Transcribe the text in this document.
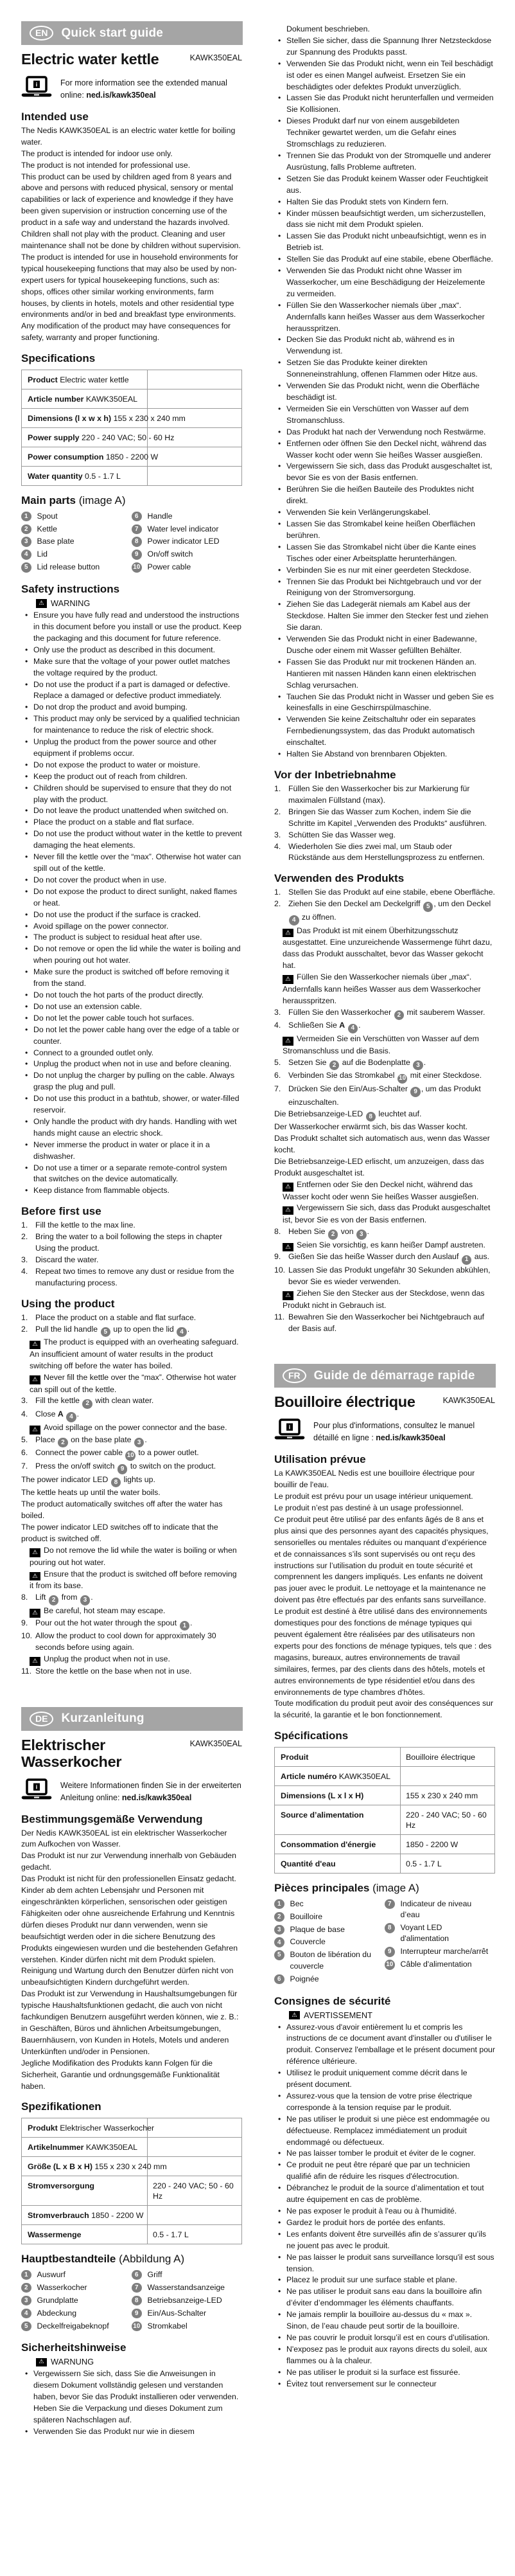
EN	Quick start guide
Electric water kettle	KAWK350EAL
i	For more information see the extended manual online: ned.is/kawk350eal
Intended use
The Nedis KAWK350EAL is an electric water kettle for boiling water.
The product is intended for indoor use only.
The product is not intended for professional use.
This product can be used by children aged from 8 years and above and persons with reduced physical, sensory or mental capabilities or lack of experience and knowledge if they have been given supervision or instruction concerning use of the product in a safe way and understand the hazards involved. Children shall not play with the product. Cleaning and user maintenance shall not be done by children without supervision.
The product is intended for use in household environments for typical housekeeping functions that may also be used by non-expert users for typical housekeeping functions, such as: shops, offices other similar working environments, farm houses, by clients in hotels, motels and other residential type environments and/or in bed and breakfast type environments.
Any modification of the product may have consequences for safety, warranty and proper functioning.
Specifications
Product Electric water kettle
Article number KAWK350EAL
Dimensions (l x w x h) 155 x 230 x 240 mm
Power supply 220 - 240 VAC; 50 - 60 Hz
Power consumption 1850 - 2200 W
Water quantity 0.5 - 1.7 L
Main parts (image A)
1	Spout
2	Kettle
3	Base plate
4	Lid
5	Lid release button
6	Handle
7	Water level indicator
8	Power indicator LED
9	On/off switch
10 Power cable
Safety instructions
⚠ WARNING
• Ensure you have fully read and understood the instructions in this document before you install or use the product. Keep the packaging and this document for future reference.
• Only use the product as described in this document.
• Make sure that the voltage of your power outlet matches the voltage required by the product.
• Do not use the product if a part is damaged or defective. Replace a damaged or defective product immediately.
• Do not drop the product and avoid bumping.
• This product may only be serviced by a qualified technician for maintenance to reduce the risk of electric shock.
• Unplug the product from the power source and other equipment if problems occur.
• Do not expose the product to water or moisture.
• Keep the product out of reach from children.
• Children should be supervised to ensure that they do not play with the product.
• Do not leave the product unattended when switched on.
• Place the product on a stable and flat surface.
• Do not use the product without water in the kettle to prevent damaging the heat elements.
• Never fill the kettle over the “max”. Otherwise hot water can spill out of the kettle.
• Do not cover the product when in use.
• Do not expose the product to direct sunlight, naked flames or heat.
• Do not use the product if the surface is cracked.
• Avoid spillage on the power connector.
• The product is subject to residual heat after use.
• Do not remove or open the lid while the water is boiling and when pouring out hot water.
• Make sure the product is switched off before removing it from the stand.
• Do not touch the hot parts of the product directly.
• Do not use an extension cable.
• Do not let the power cable touch hot surfaces.
• Do not let the power cable hang over the edge of a table or counter.
• Connect to a grounded outlet only.
• Unplug the product when not in use and before cleaning.
• Do not unplug the charger by pulling on the cable. Always grasp the plug and pull.
• Do not use this product in a bathtub, shower, or water-filled reservoir.
• Only handle the product with dry hands. Handling with wet hands might cause an electric shock.
• Never immerse the product in water or place it in a dishwasher.
• Do not use a timer or a separate remote-control system that switches on the device automatically.
• Keep distance from flammable objects.
Before first use
1. Fill the kettle to the max line.
2. Bring the water to a boil following the steps in chapter Using the product.
3. Discard the water.
4. Repeat two times to remove any dust or residue from the manufacturing process.
Using the product
1. Place the product on a stable and flat surface.
2. Pull the lid handle 5 up to open the lid 4 .
⚠ The product is equipped with an overheating safeguard. An insufficient amount of water results in the product switching off before the water has boiled.
⚠ Never fill the kettle over the “max”. Otherwise hot water can spill out of the kettle.
3. Fill the kettle 2 with clean water.
4. Close A 4 .
⚠ Avoid spillage on the power connector and the base.
5. Place 2 on the base plate 3 .
6. Connect the power cable 10 to a power outlet.
7. Press the on/off switch 9 to switch on the product.
The power indicator LED 8 lights up.
The kettle heats up until the water boils.
The product automatically switches off after the water has boiled.
The power indicator LED switches off to indicate that the product is switched off.
⚠ Do not remove the lid while the water is boiling or when pouring out hot water.
⚠ Ensure that the product is switched off before removing it from its base.
8. Lift 2 from 3 .
⚠ Be careful, hot steam may escape.
9. Pour out the hot water through the spout 1 .
10. Allow the product to cool down for approximately 30 seconds before using again.
⚠ Unplug the product when not in use.
11. Store the kettle on the base when not in use.
DE	Kurzanleitung
Elektrischer Wasserkocher
KAWK350EAL
i	Weitere Informationen finden Sie in der erweiterten Anleitung online: ned.is/kawk350eal
Bestimmungsgemäße Verwendung
Der Nedis KAWK350EAL ist ein elektrischer Wasserkocher zum Aufkochen von Wasser.
Das Produkt ist nur zur Verwendung innerhalb von Gebäuden gedacht.
Das Produkt ist nicht für den professionellen Einsatz gedacht.
Kinder ab dem achten Lebensjahr und Personen mit eingeschränkten körperlichen, sensorischen oder geistigen Fähigkeiten oder ohne ausreichende Erfahrung und Kenntnis dürfen dieses Produkt nur dann verwenden, wenn sie beaufsichtigt werden oder in die sichere Benutzung des Produkts eingewiesen wurden und die bestehenden Gefahren verstehen. Kinder dürfen nicht mit dem Produkt spielen. Reinigung und Wartung durch den Benutzer dürfen nicht von unbeaufsichtigten Kindern durchgeführt werden.
Das Produkt ist zur Verwendung in Haushaltsumgebungen für typische Haushaltsfunktionen gedacht, die auch von nicht fachkundigen Benutzern ausgeführt werden können, wie z. B.: in Geschäften, Büros und ähnlichen Arbeitsumgebungen, Bauernhäusern, von Kunden in Hotels, Motels und anderen Unterkünften und/oder in Pensionen.
Jegliche Modifikation des Produkts kann Folgen für die Sicherheit, Garantie und ordnungsgemäße Funktionalität haben.
Spezifikationen
Produkt Elektrischer Wasserkocher
Artikelnummer KAWK350EAL
Größe (L x B x H) 155 x 230 x 240 mm
Stromversorgung	220 - 240 VAC; 50 - 60 Hz
Stromverbrauch 1850 - 2200 W
Wassermenge	0.5 - 1.7 L
Hauptbestandteile (Abbildung A)
1	Auswurf
2	Wasserkocher
3	Grundplatte
4	Abdeckung
5	Deckelfreigabeknopf
6	Griff
7	Wasserstandsanzeige
8	Betriebsanzeige-LED
9	Ein/Aus-Schalter
10 Stromkabel
Sicherheitshinweise
⚠ WARNUNG
• Vergewissern Sie sich, dass Sie die Anweisungen in diesem Dokument vollständig gelesen und verstanden haben, bevor Sie das Produkt installieren oder verwenden. Heben Sie die Verpackung und dieses Dokument zum späteren Nachschlagen auf.
• Verwenden Sie das Produkt nur wie in diesem
Dokument beschrieben.
• Stellen Sie sicher, dass die Spannung Ihrer Netzsteckdose zur Spannung des Produkts passt.
• Verwenden Sie das Produkt nicht, wenn ein Teil beschädigt ist oder es einen Mangel aufweist. Ersetzen Sie ein beschädigtes oder defektes Produkt unverzüglich.
• Lassen Sie das Produkt nicht herunterfallen und vermeiden Sie Kollisionen.
• Dieses Produkt darf nur von einem ausgebildeten Techniker gewartet werden, um die Gefahr eines Stromschlags zu reduzieren.
• Trennen Sie das Produkt von der Stromquelle und anderer Ausrüstung, falls Probleme auftreten.
• Setzen Sie das Produkt keinem Wasser oder Feuchtigkeit aus.
• Halten Sie das Produkt stets von Kindern fern.
• Kinder müssen beaufsichtigt werden, um sicherzustellen, dass sie nicht mit dem Produkt spielen.
• Lassen Sie das Produkt nicht unbeaufsichtigt, wenn es in Betrieb ist.
• Stellen Sie das Produkt auf eine stabile, ebene Oberfläche.
• Verwenden Sie das Produkt nicht ohne Wasser im Wasserkocher, um eine Beschädigung der Heizelemente zu vermeiden.
• Füllen Sie den Wasserkocher niemals über „max“. Andernfalls kann heißes Wasser aus dem Wasserkocher herausspritzen.
• Decken Sie das Produkt nicht ab, während es in Verwendung ist.
• Setzen Sie das Produkte keiner direkten Sonneneinstrahlung, offenen Flammen oder Hitze aus.
• Verwenden Sie das Produkt nicht, wenn die Oberfläche beschädigt ist.
• Vermeiden Sie ein Verschütten von Wasser auf dem Stromanschluss.
• Das Produkt hat nach der Verwendung noch Restwärme.
• Entfernen oder öffnen Sie den Deckel nicht, während das Wasser kocht oder wenn Sie heißes Wasser ausgießen.
• Vergewissern Sie sich, dass das Produkt ausgeschaltet ist, bevor Sie es von der Basis entfernen.
• Berühren Sie die heißen Bauteile des Produktes nicht direkt.
• Verwenden Sie kein Verlängerungskabel.
• Lassen Sie das Stromkabel keine heißen Oberflächen berühren.
• Lassen Sie das Stromkabel nicht über die Kante eines Tisches oder einer Arbeitsplatte herunterhängen.
• Verbinden Sie es nur mit einer geerdeten Steckdose.
• Trennen Sie das Produkt bei Nichtgebrauch und vor der Reinigung von der Stromversorgung.
• Ziehen Sie das Ladegerät niemals am Kabel aus der Steckdose. Halten Sie immer den Stecker fest und ziehen Sie daran.
• Verwenden Sie das Produkt nicht in einer Badewanne, Dusche oder einem mit Wasser gefüllten Behälter.
• Fassen Sie das Produkt nur mit trockenen Händen an. Hantieren mit nassen Händen kann einen elektrischen Schlag verursachen.
• Tauchen Sie das Produkt nicht in Wasser und geben Sie es keinesfalls in eine Geschirrspülmaschine.
• Verwenden Sie keine Zeitschaltuhr oder ein separates Fernbedienungssystem, das das Produkt automatisch einschaltet.
• Halten Sie Abstand von brennbaren Objekten.
Vor der Inbetriebnahme
1. Füllen Sie den Wasserkocher bis zur Markierung für maximalen Füllstand (max).
2. Bringen Sie das Wasser zum Kochen, indem Sie die Schritte im Kapitel „Verwenden des Produkts“ ausführen.
3. Schütten Sie das Wasser weg.
4. Wiederholen Sie dies zwei mal, um Staub oder Rückstände aus dem Herstellungsprozess zu entfernen.
Verwenden des Produkts
1. Stellen Sie das Produkt auf eine stabile, ebene Oberfläche.
2. Ziehen Sie den Deckel am Deckelgriff 5 , um den Deckel 4 zu öffnen.
⚠ Das Produkt ist mit einem Überhitzungsschutz ausgestattet. Eine unzureichende Wassermenge führt dazu, dass das Produkt ausschaltet, bevor das Wasser gekocht hat.
⚠ Füllen Sie den Wasserkocher niemals über „max“. Andernfalls kann heißes Wasser aus dem Wasserkocher herausspritzen.
3. Füllen Sie den Wasserkocher 2 mit sauberem Wasser.
4. Schließen Sie A 4 .
⚠ Vermeiden Sie ein Verschütten von Wasser auf dem Stromanschluss und die Basis.
5. Setzen Sie 2 auf die Bodenplatte 3 .
6. Verbinden Sie das Stromkabel 10 mit einer Steckdose.
7. Drücken Sie den Ein/Aus-Schalter 9 , um das Produkt einzuschalten.
Die Betriebsanzeige-LED 8 leuchtet auf.
Der Wasserkocher erwärmt sich, bis das Wasser kocht.
Das Produkt schaltet sich automatisch aus, wenn das Wasser kocht.
Die Betriebsanzeige-LED erlischt, um anzuzeigen, dass das Produkt ausgeschaltet ist.
⚠ Entfernen oder Sie den Deckel nicht, während das Wasser kocht oder wenn Sie heißes Wasser ausgießen.
⚠ Vergewissern Sie sich, dass das Produkt ausgeschaltet ist, bevor Sie es von der Basis entfernen.
8. Heben Sie 2 von 3 .
⚠ Seien Sie vorsichtig, es kann heißer Dampf austreten.
9. Gießen Sie das heiße Wasser durch den Auslauf 1 aus.
10. Lassen Sie das Produkt ungefähr 30 Sekunden abkühlen, bevor Sie es wieder verwenden.
⚠ Ziehen Sie den Stecker aus der Steckdose, wenn das Produkt nicht in Gebrauch ist.
11. Bewahren Sie den Wasserkocher bei Nichtgebrauch auf der Basis auf.
FR	Guide de démarrage rapide
Bouilloire électrique	KAWK350EAL
i	Pour plus d'informations, consultez le manuel détaillé en ligne : ned.is/kawk350eal
Utilisation prévue
La KAWK350EAL Nedis est une bouilloire électrique pour bouillir de l'eau.
Le produit est prévu pour un usage intérieur uniquement.
Le produit n’est pas destiné à un usage professionnel.
Ce produit peut être utilisé par des enfants âgés de 8 ans et plus ainsi que des personnes ayant des capacités physiques, sensorielles ou mentales réduites ou manquant d’expérience et de connaissances s’ils sont supervisés ou ont reçu des instructions sur l’utilisation du produit en toute sécurité et comprennent les dangers impliqués. Les enfants ne doivent pas jouer avec le produit. Le nettoyage et la maintenance ne doivent pas être effectués par des enfants sans surveillance.
Le produit est destiné à être utilisé dans des environnements domestiques pour des fonctions de ménage typiques qui peuvent également être réalisées par des utilisateurs non experts pour des fonctions de ménage typiques, tels que : des magasins, bureaux, autres environnements de travail similaires, fermes, par des clients dans des hôtels, motels et autres environnements de type résidentiel et/ou dans des environnements de type chambres d'hôtes.
Toute modification du produit peut avoir des conséquences sur la sécurité, la garantie et le bon fonctionnement.
Spécifications
Produit	Bouilloire électrique
Article numéro KAWK350EAL
Dimensions (L x l x H)	155 x 230 x 240 mm
Source d’alimentation	220 - 240 VAC; 50 - 60 Hz
Consommation d'énergie	1850 - 2200 W
Quantité d'eau	0.5 - 1.7 L
Pièces principales (image A)
1	Bec
2	Bouilloire
3	Plaque de base
4	Couvercle
5	Bouton de libération du couvercle
6	Poignée
7	Indicateur de niveau d’eau
8	Voyant LED d'alimentation
9	Interrupteur marche/arrêt
10 Câble d'alimentation
Consignes de sécurité
⚠ AVERTISSEMENT
• Assurez-vous d'avoir entièrement lu et compris les instructions de ce document avant d'installer ou d'utiliser le produit. Conservez l'emballage et le présent document pour référence ultérieure.
• Utilisez le produit uniquement comme décrit dans le présent document.
• Assurez-vous que la tension de votre prise électrique corresponde à la tension requise par le produit.
• Ne pas utiliser le produit si une pièce est endommagée ou défectueuse. Remplacez immédiatement un produit endommagé ou défectueux.
• Ne pas laisser tomber le produit et éviter de le cogner.
• Ce produit ne peut être réparé que par un technicien qualifié afin de réduire les risques d'électrocution.
• Débranchez le produit de la source d’alimentation et tout autre équipement en cas de problème.
• Ne pas exposer le produit à l'eau ou à l'humidité.
• Gardez le produit hors de portée des enfants.
• Les enfants doivent être surveillés afin de s’assurer qu’ils ne jouent pas avec le produit.
• Ne pas laisser le produit sans surveillance lorsqu'il est sous tension.
• Placez le produit sur une surface stable et plane.
• Ne pas utiliser le produit sans eau dans la bouilloire afin d’éviter d’endommager les éléments chauffants.
• Ne jamais remplir la bouilloire au-dessus du « max ». Sinon, de l’eau chaude peut sortir de la bouilloire.
• Ne pas couvrir le produit lorsqu’il est en cours d’utilisation.
• N'exposez pas le produit aux rayons directs du soleil, aux flammes ou à la chaleur.
• Ne pas utiliser le produit si la surface est fissurée.
• Évitez tout renversement sur le connecteur
